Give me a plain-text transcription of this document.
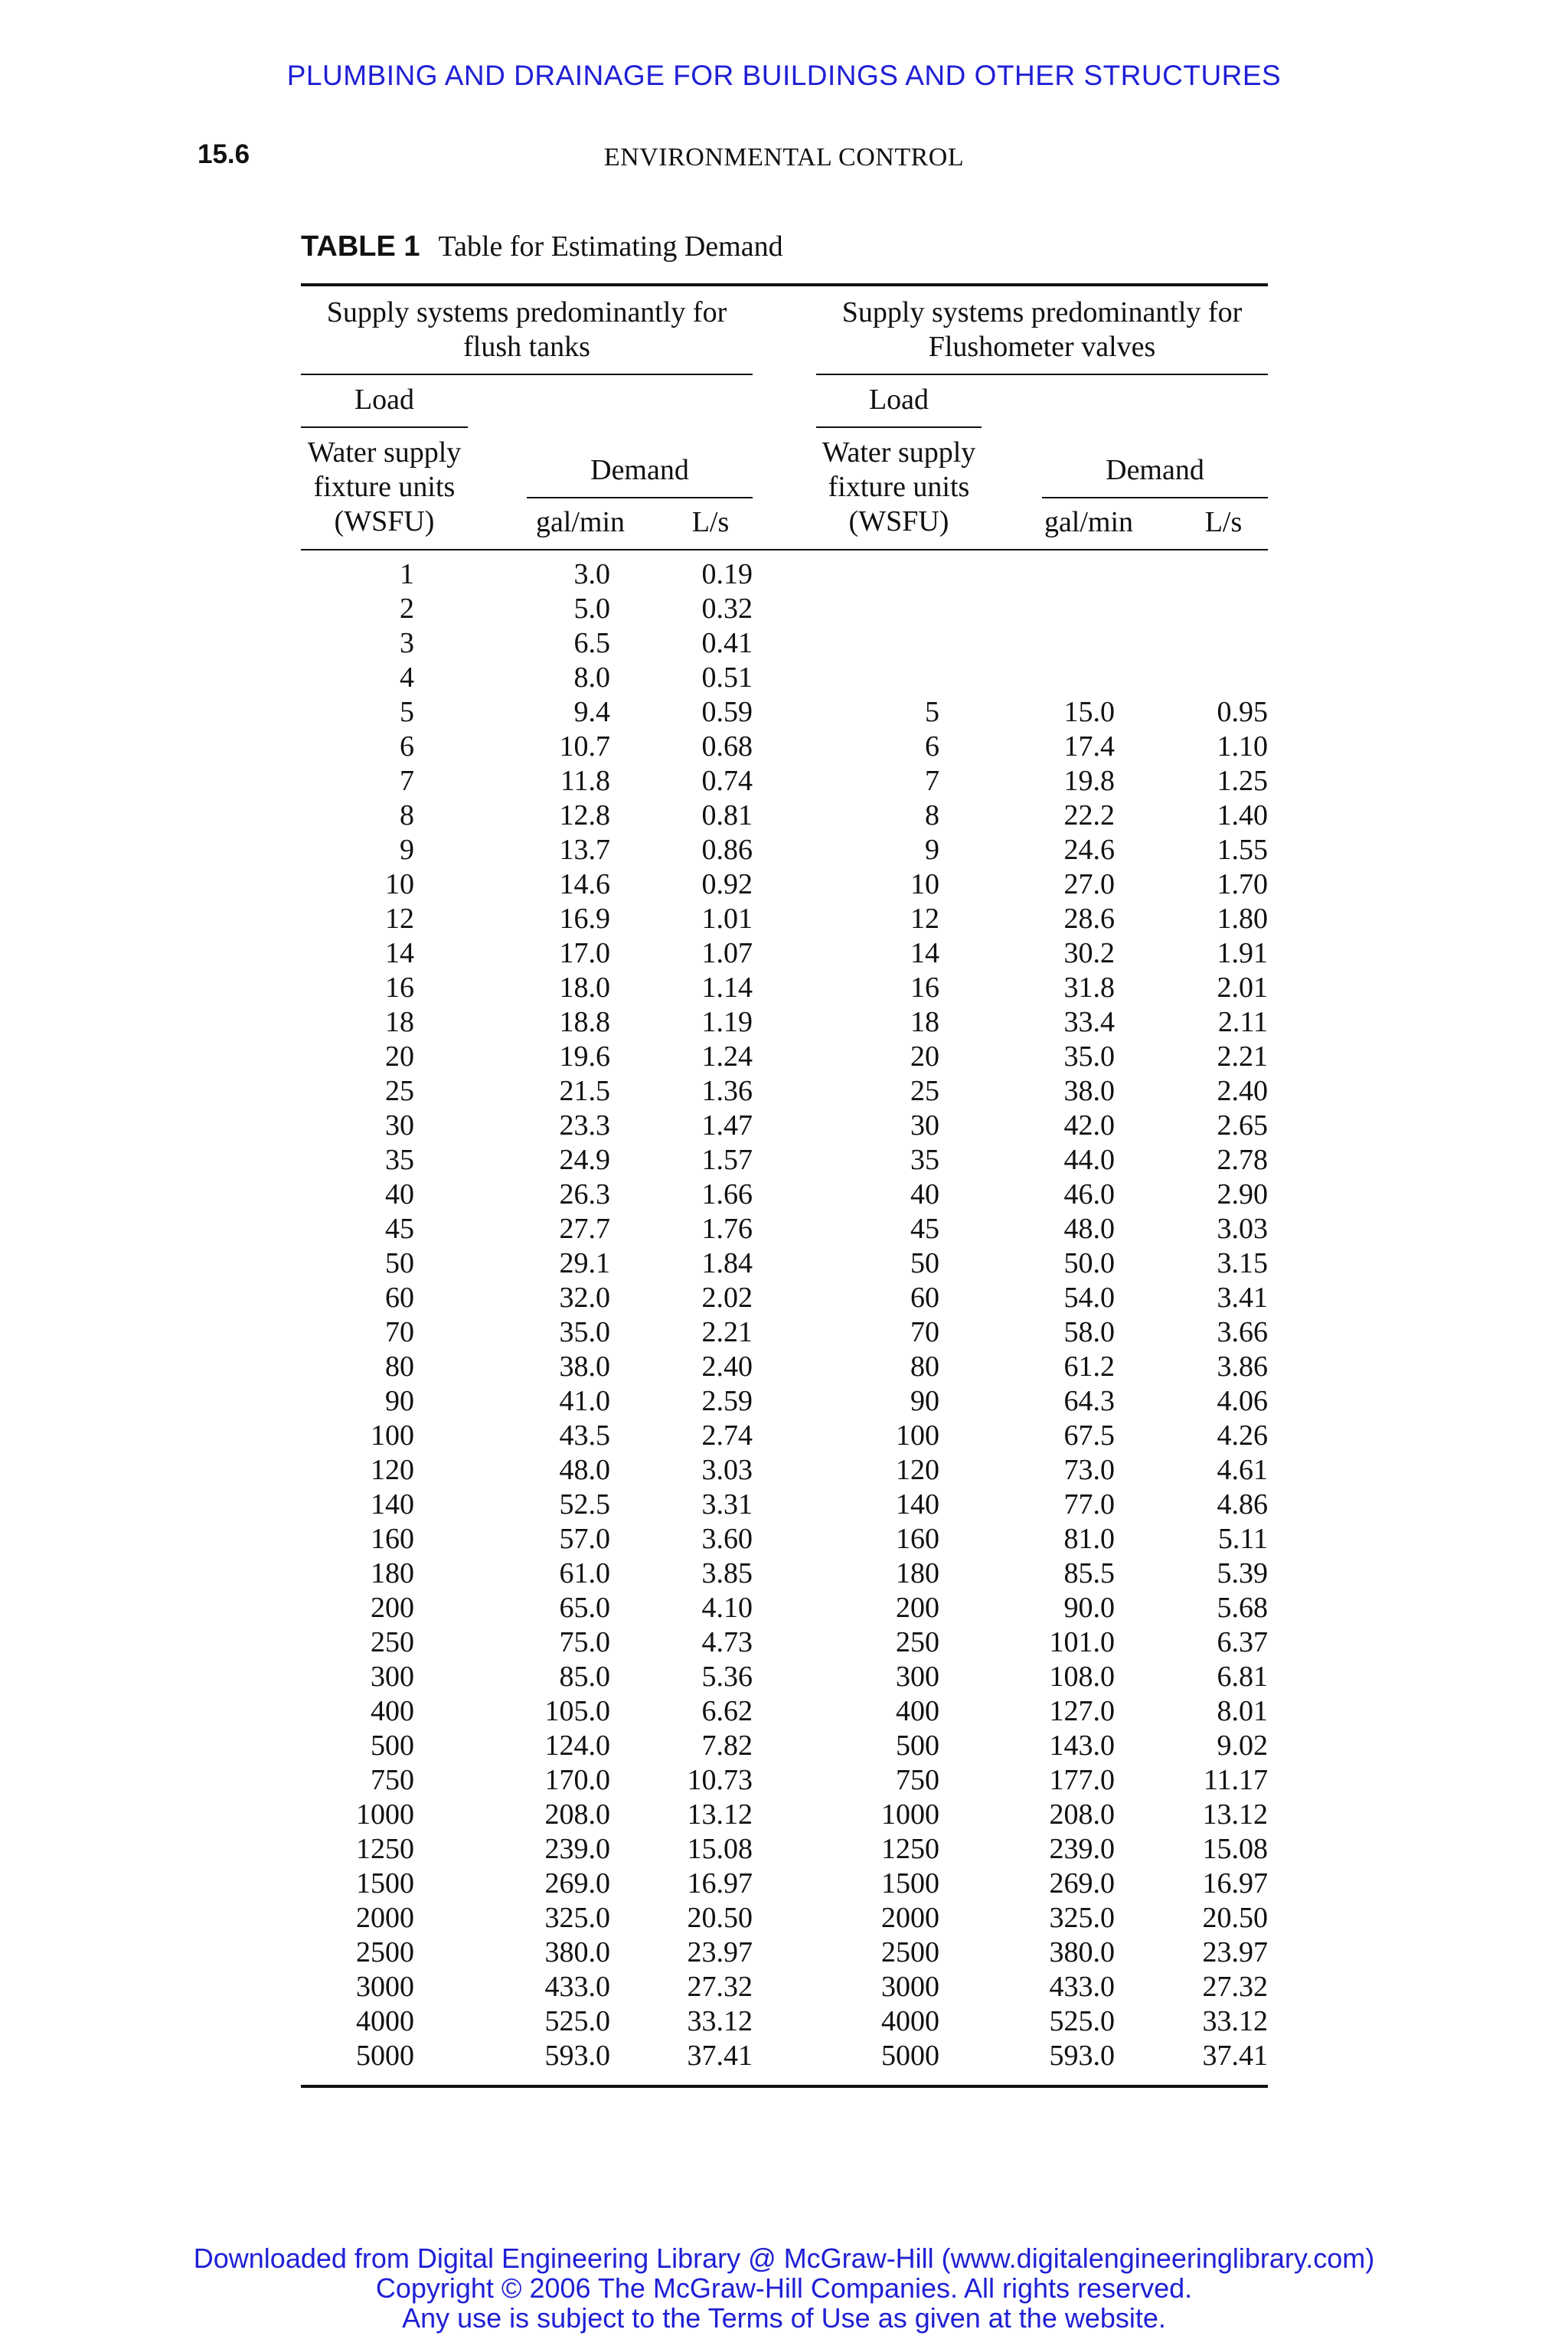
PLUMBING AND DRAINAGE FOR BUILDINGS AND OTHER STRUCTURES
15.6	ENVIRONMENTAL CONTROL
TABLE 1 Table for Estimating Demand
Supply systems predominantly for
flush tanks
Supply systems predominantly for
Flushometer valves
Load	Load
Water supply
fixture units
(WSFU)
Water supply
fixture units
(WSFU)
Demand	Demand
gal/min	L/s	gal/min	L/s
1	3.0	0.19
2	5.0	0.32
3	6.5	0.41
4	8.0	0.51
5	9.4	0.59	5	15.0	0.95
6	10.7	0.68	6	17.4	1.10
7	11.8	0.74	7	19.8	1.25
8	12.8	0.81	8	22.2	1.40
9	13.7	0.86	9	24.6	1.55
10	14.6	0.92	10	27.0	1.70
12	16.9	1.01	12	28.6	1.80
14	17.0	1.07	14	30.2	1.91
16	18.0	1.14	16	31.8	2.01
18	18.8	1.19	18	33.4	2.11
20	19.6	1.24	20	35.0	2.21
25	21.5	1.36	25	38.0	2.40
30	23.3	1.47	30	42.0	2.65
35	24.9	1.57	35	44.0	2.78
40	26.3	1.66	40	46.0	2.90
45	27.7	1.76	45	48.0	3.03
50	29.1	1.84	50	50.0	3.15
60	32.0	2.02	60	54.0	3.41
70	35.0	2.21	70	58.0	3.66
80	38.0	2.40	80	61.2	3.86
90	41.0	2.59	90	64.3	4.06
100	43.5	2.74	100	67.5	4.26
120	48.0	3.03	120	73.0	4.61
140	52.5	3.31	140	77.0	4.86
160	57.0	3.60	160	81.0	5.11
180	61.0	3.85	180	85.5	5.39
200	65.0	4.10	200	90.0	5.68
250	75.0	4.73	250	101.0	6.37
300	85.0	5.36	300	108.0	6.81
400	105.0	6.62	400	127.0	8.01
500	124.0	7.82	500	143.0	9.02
750	170.0	10.73	750	177.0	11.17
1000	208.0	13.12	1000	208.0	13.12
1250	239.0	15.08	1250	239.0	15.08
1500	269.0	16.97	1500	269.0	16.97
2000	325.0	20.50	2000	325.0	20.50
2500	380.0	23.97	2500	380.0	23.97
3000	433.0	27.32	3000	433.0	27.32
4000	525.0	33.12	4000	525.0	33.12
5000	593.0	37.41	5000	593.0	37.41
Downloaded from Digital Engineering Library @ McGraw-Hill (www.digitalengineeringlibrary.com)
Copyright © 2006 The McGraw-Hill Companies. All rights reserved.
Any use is subject to the Terms of Use as given at the website.
